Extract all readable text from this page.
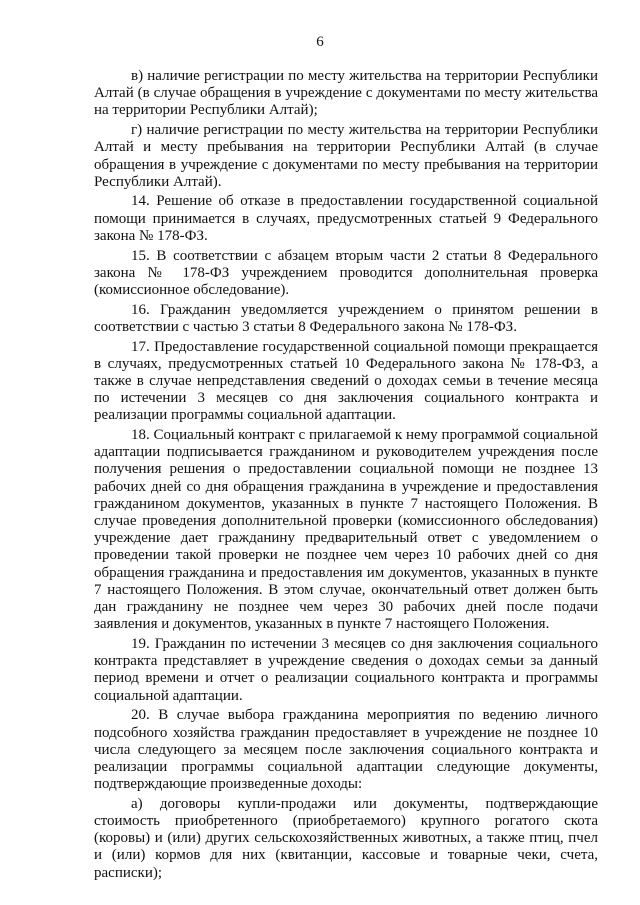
6

в) наличие регистрации по месту жительства на территории Республики Алтай (в случае обращения в учреждение с документами по месту жительства на территории Республики Алтай);

г) наличие регистрации по месту жительства на территории Республики Алтай и месту пребывания на территории Республики Алтай (в случае обращения в учреждение с документами по месту пребывания на территории Республики Алтай).

14. Решение об отказе в предоставлении государственной социальной помощи принимается в случаях, предусмотренных статьей 9 Федерального закона № 178-ФЗ.

15. В соответствии с абзацем вторым части 2 статьи 8 Федерального закона № 178-ФЗ учреждением проводится дополнительная проверка (комиссионное обследование).

16. Гражданин уведомляется учреждением о принятом решении в соответствии с частью 3 статьи 8 Федерального закона № 178-ФЗ.

17. Предоставление государственной социальной помощи прекращается в случаях, предусмотренных статьей 10 Федерального закона № 178-ФЗ, а также в случае непредставления сведений о доходах семьи в течение месяца по истечении 3 месяцев со дня заключения социального контракта и реализации программы социальной адаптации.

18. Социальный контракт с прилагаемой к нему программой социальной адаптации подписывается гражданином и руководителем учреждения после получения решения о предоставлении социальной помощи не позднее 13 рабочих дней со дня обращения гражданина в учреждение и предоставления гражданином документов, указанных в пункте 7 настоящего Положения. В случае проведения дополнительной проверки (комиссионного обследования) учреждение дает гражданину предварительный ответ с уведомлением о проведении такой проверки не позднее чем через 10 рабочих дней со дня обращения гражданина и предоставления им документов, указанных в пункте 7 настоящего Положения. В этом случае, окончательный ответ должен быть дан гражданину не позднее чем через 30 рабочих дней после подачи заявления и документов, указанных в пункте 7 настоящего Положения.

19. Гражданин по истечении 3 месяцев со дня заключения социального контракта представляет в учреждение сведения о доходах семьи за данный период времени и отчет о реализации социального контракта и программы социальной адаптации.

20. В случае выбора гражданина мероприятия по ведению личного подсобного хозяйства гражданин предоставляет в учреждение не позднее 10 числа следующего за месяцем после заключения социального контракта и реализации программы социальной адаптации следующие документы, подтверждающие произведенные доходы:

а) договоры купли-продажи или документы, подтверждающие стоимость приобретенного (приобретаемого) крупного рогатого скота (коровы) и (или) других сельскохозяйственных животных, а также птиц, пчел и (или) кормов для них (квитанции, кассовые и товарные чеки, счета, расписки);
